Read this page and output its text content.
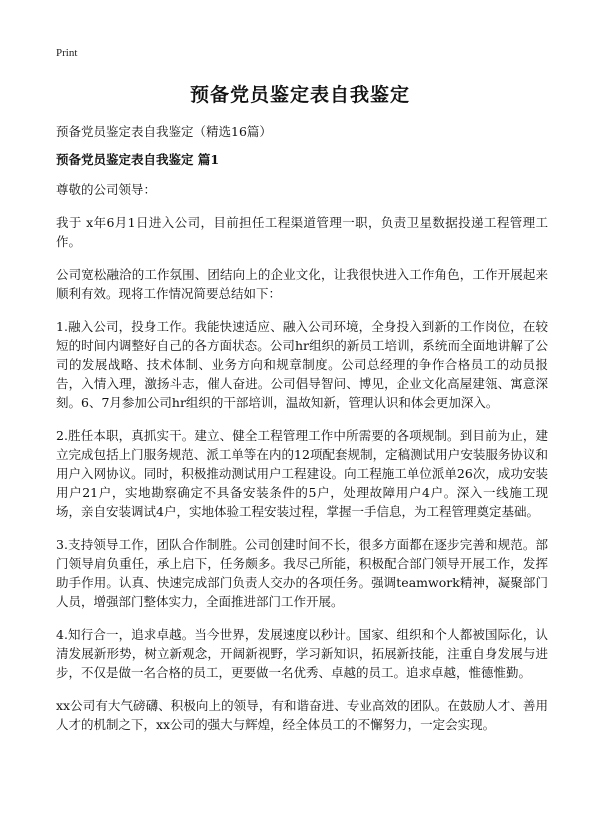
Print
预备党员鉴定表自我鉴定
预备党员鉴定表自我鉴定（精选16篇）
预备党员鉴定表自我鉴定 篇1

尊敬的公司领导：

我于 x年6月1日进入公司，目前担任工程渠道管理一职，负责卫星数据投递工程管理工作。

公司宽松融洽的工作氛围、团结向上的企业文化，让我很快进入工作角色，工作开展起来顺利有效。现将工作情况简要总结如下：

1.融入公司，投身工作。我能快速适应、融入公司环境，全身投入到新的工作岗位，在较短的时间内调整好自己的各方面状态。公司hr组织的新员工培训，系统而全面地讲解了公司的发展战略、技术体制、业务方向和规章制度。公司总经理的争作合格员工的动员报告，入情入理，激扬斗志，催人奋进。公司倡导智问、博见，企业文化高屋建瓴、寓意深刻。6、7月参加公司hr组织的干部培训，温故知新，管理认识和体会更加深入。

2.胜任本职，真抓实干。建立、健全工程管理工作中所需要的各项规制。到目前为止，建立完成包括上门服务规范、派工单等在内的12项配套规制，定稿测试用户安装服务协议和用户入网协议。同时，积极推动测试用户工程建设。向工程施工单位派单26次，成功安装用户21户，实地勘察确定不具备安装条件的5户，处理故障用户4户。深入一线施工现场，亲自安装调试4户，实地体验工程安装过程，掌握一手信息，为工程管理奠定基础。

3.支持领导工作，团队合作制胜。公司创建时间不长，很多方面都在逐步完善和规范。部门领导肩负重任，承上启下，任务颇多。我尽己所能，积极配合部门领导开展工作，发挥助手作用。认真、快速完成部门负责人交办的各项任务。强调teamwork精神，凝聚部门人员，增强部门整体实力，全面推进部门工作开展。

4.知行合一，追求卓越。当今世界，发展速度以秒计。国家、组织和个人都被国际化，认清发展新形势，树立新观念，开阔新视野，学习新知识，拓展新技能，注重自身发展与进步，不仅是做一名合格的员工，更要做一名优秀、卓越的员工。追求卓越，惟德惟勤。

xx公司有大气磅礴、积极向上的领导，有和谐奋进、专业高效的团队。在鼓励人才、善用人才的机制之下，xx公司的强大与辉煌，经全体员工的不懈努力，一定会实现。
